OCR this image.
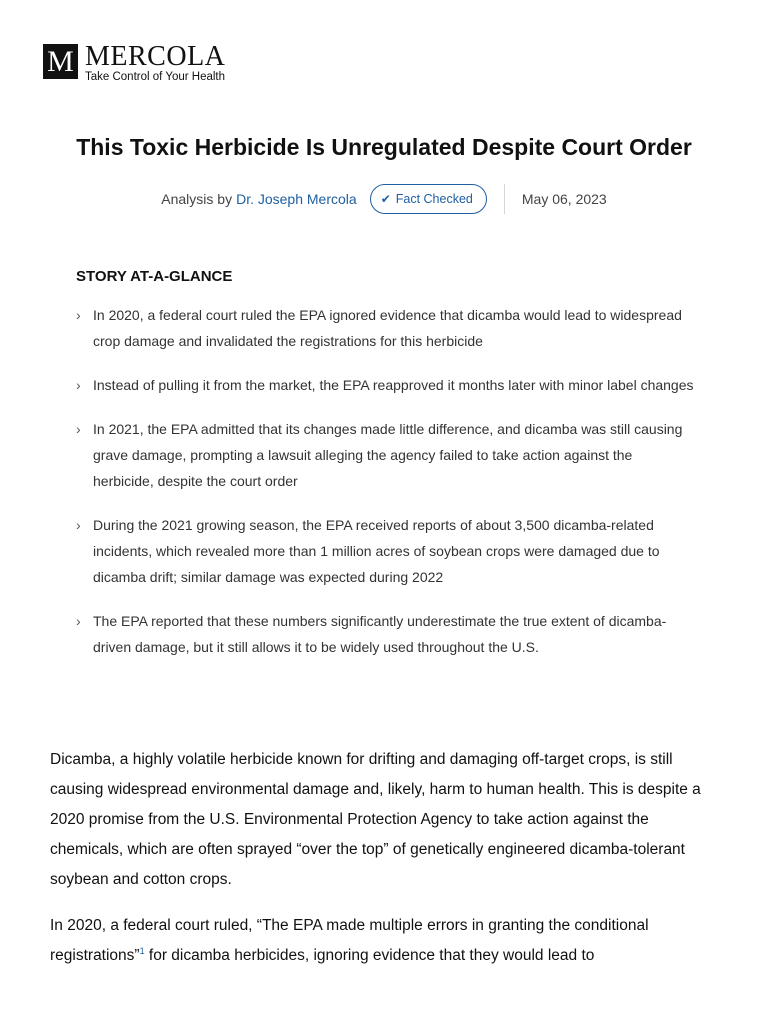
M MERCOLA
Take Control of Your Health
This Toxic Herbicide Is Unregulated Despite Court Order
Analysis by Dr. Joseph Mercola ✔ Fact Checked	May 06, 2023
STORY AT-A-GLANCE
› In 2020, a federal court ruled the EPA ignored evidence that dicamba would lead to widespread crop damage and invalidated the registrations for this herbicide
› Instead of pulling it from the market, the EPA reapproved it months later with minor label changes
› In 2021, the EPA admitted that its changes made little difference, and dicamba was still causing grave damage, prompting a lawsuit alleging the agency failed to take action against the herbicide, despite the court order
› During the 2021 growing season, the EPA received reports of about 3,500 dicamba-related incidents, which revealed more than 1 million acres of soybean crops were damaged due to dicamba drift; similar damage was expected during 2022
› The EPA reported that these numbers significantly underestimate the true extent of dicamba-driven damage, but it still allows it to be widely used throughout the U.S.

Dicamba, a highly volatile herbicide known for drifting and damaging off-target crops, is still causing widespread environmental damage and, likely, harm to human health. This is despite a 2020 promise from the U.S. Environmental Protection Agency to take action against the chemicals, which are often sprayed “over the top” of genetically engineered dicamba-tolerant soybean and cotton crops.

In 2020, a federal court ruled, “The EPA made multiple errors in granting the conditional registrations”$^1$ for dicamba herbicides, ignoring evidence that they would lead to
